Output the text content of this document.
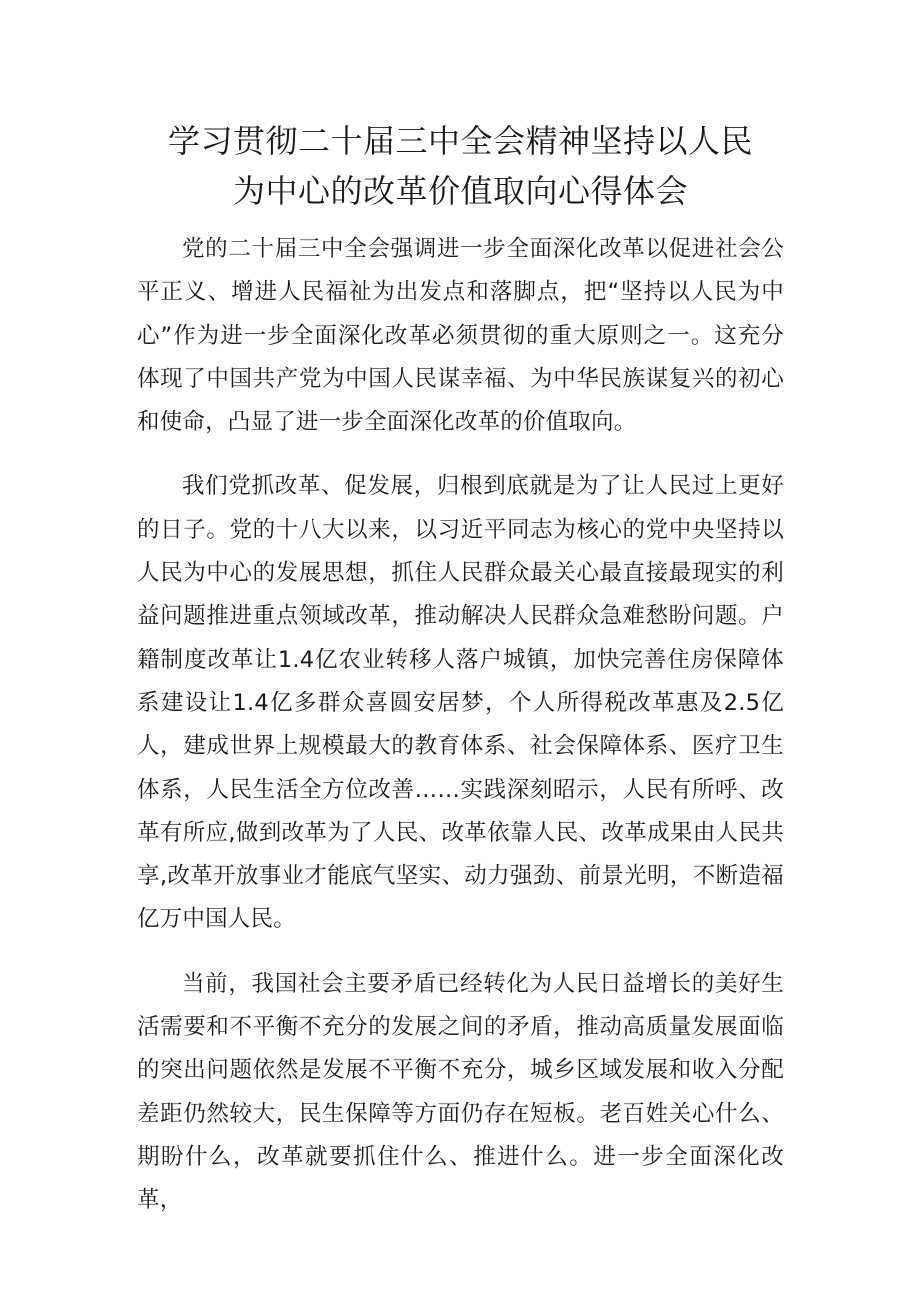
学习贯彻二十届三中全会精神坚持以人民
为中心的改革价值取向心得体会

党的二十届三中全会强调进一步全面深化改革以促进社会公平正义、增进人民福祉为出发点和落脚点，把“坚持以人民为中心”作为进一步全面深化改革必须贯彻的重大原则之一。这充分体现了中国共产党为中国人民谋幸福、为中华民族谋复兴的初心和使命，凸显了进一步全面深化改革的价值取向。

我们党抓改革、促发展，归根到底就是为了让人民过上更好的日子。党的十八大以来，以习近平同志为核心的党中央坚持以人民为中心的发展思想，抓住人民群众最关心最直接最现实的利益问题推进重点领域改革，推动解决人民群众急难愁盼问题。户籍制度改革让1.4亿农业转移人落户城镇，加快完善住房保障体系建设让1.4亿多群众喜圆安居梦，个人所得税改革惠及2.5亿人，建成世界上规模最大的教育体系、社会保障体系、医疗卫生体系，人民生活全方位改善……实践深刻昭示，人民有所呼、改革有所应,做到改革为了人民、改革依靠人民、改革成果由人民共享,改革开放事业才能底气坚实、动力强劲、前景光明，不断造福亿万中国人民。

当前，我国社会主要矛盾已经转化为人民日益增长的美好生活需要和不平衡不充分的发展之间的矛盾，推动高质量发展面临的突出问题依然是发展不平衡不充分，城乡区域发展和收入分配差距仍然较大，民生保障等方面仍存在短板。老百姓关心什么、期盼什么，改革就要抓住什么、推进什么。进一步全面深化改革，
